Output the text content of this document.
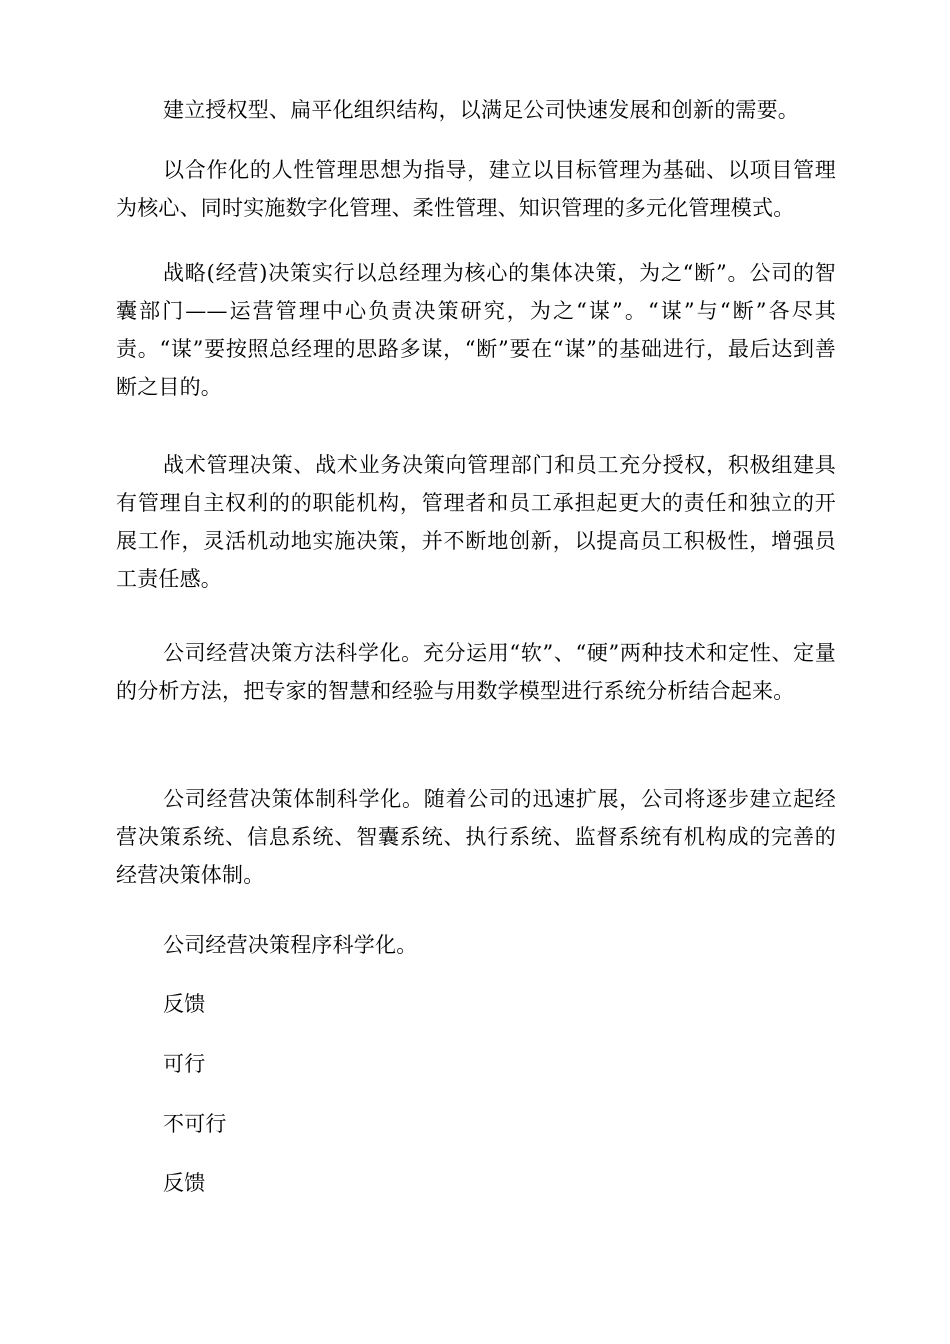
建立授权型、扁平化组织结构，以满足公司快速发展和创新的需要。

以合作化的人性管理思想为指导，建立以目标管理为基础、以项目管理为核心、同时实施数字化管理、柔性管理、知识管理的多元化管理模式。

战略(经营)决策实行以总经理为核心的集体决策，为之“断”。公司的智囊部门——运营管理中心负责决策研究，为之“谋”。“谋”与“断”各尽其责。“谋”要按照总经理的思路多谋，“断”要在“谋”的基础进行，最后达到善断之目的。

战术管理决策、战术业务决策向管理部门和员工充分授权，积极组建具有管理自主权利的的职能机构，管理者和员工承担起更大的责任和独立的开展工作，灵活机动地实施决策，并不断地创新，以提高员工积极性，增强员工责任感。

公司经营决策方法科学化。充分运用“软”、“硬”两种技术和定性、定量的分析方法，把专家的智慧和经验与用数学模型进行系统分析结合起来。

公司经营决策体制科学化。随着公司的迅速扩展，公司将逐步建立起经营决策系统、信息系统、智囊系统、执行系统、监督系统有机构成的完善的经营决策体制。

公司经营决策程序科学化。

反馈

可行

不可行

反馈
